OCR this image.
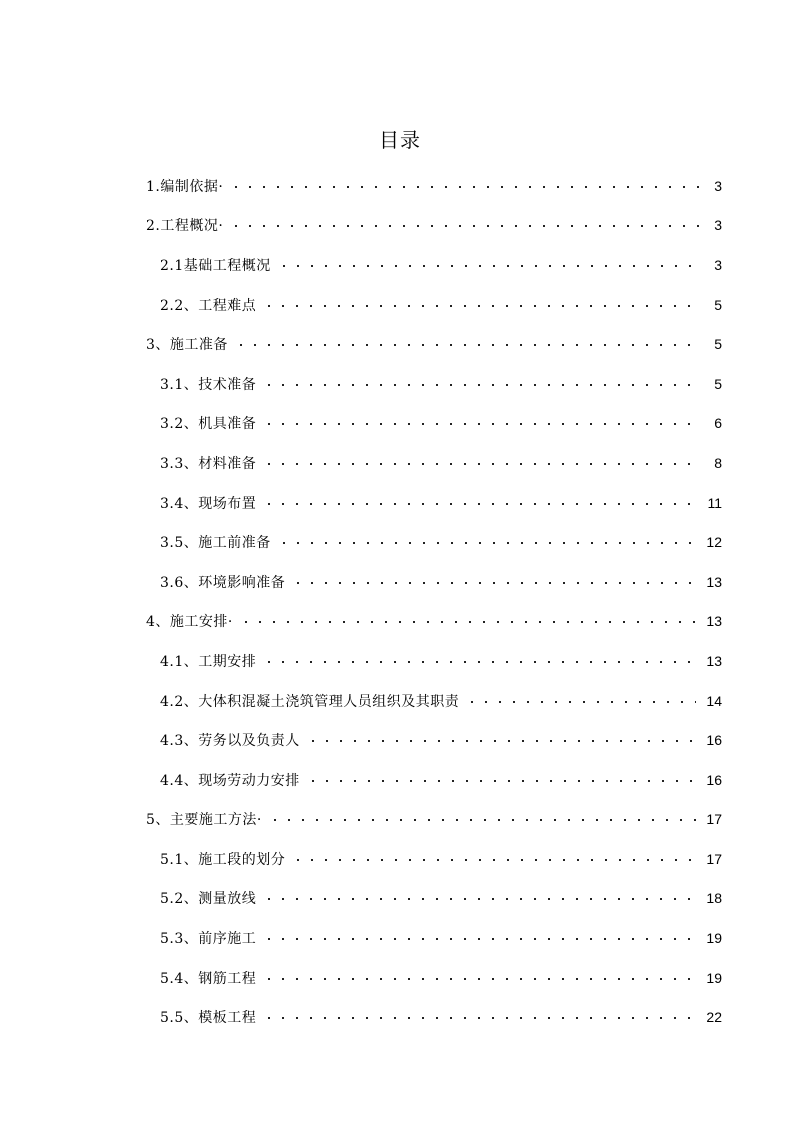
目录
1.编制依据·	3
2.工程概况·	3
2.1基础工程概况	3
2.2、工程难点	5
3、施工准备	5
3.1、技术准备	5
3.2、机具准备	6
3.3、材料准备	8
3.4、现场布置	11
3.5、施工前准备	12
3.6、环境影响准备	13
4、施工安排·	13
4.1、工期安排	13
4.2、大体积混凝土浇筑管理人员组织及其职责	14
4.3、劳务以及负责人	16
4.4、现场劳动力安排	16
5、主要施工方法·	17
5.1、施工段的划分	17
5.2、测量放线	18
5.3、前序施工	19
5.4、钢筋工程	19
5.5、模板工程	22
